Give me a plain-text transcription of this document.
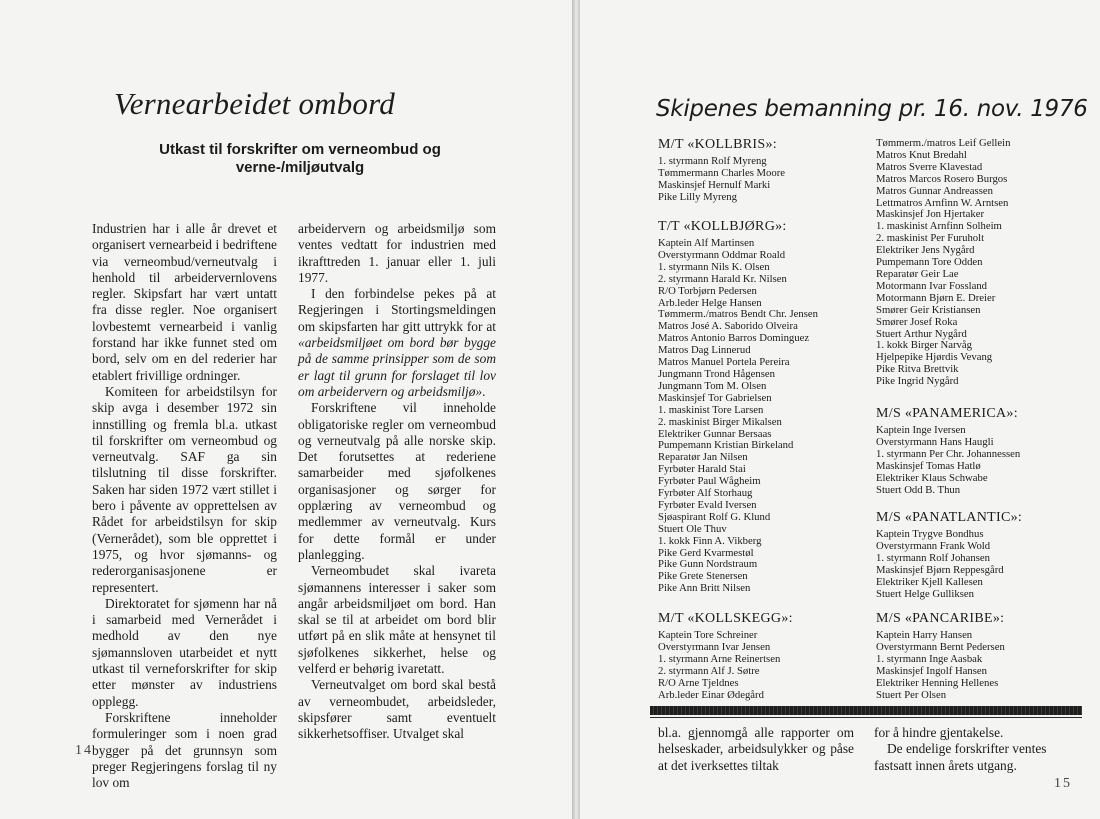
Vernearbeidet ombord
Utkast til forskrifter om verneombud og verne-/miljøutvalg

Industrien har i alle år drevet et organisert vernearbeid i bedriftene via verneombud/verneutvalg i henhold til arbeidervernlovens regler. Skipsfart har vært untatt fra disse regler. Noe organisert lovbestemt vernearbeid i vanlig forstand har ikke funnet sted om bord, selv om en del rederier har etablert frivillige ordninger.

Komiteen for arbeidstilsyn for skip avga i desember 1972 sin innstilling og fremla bl.a. utkast til forskrifter om verneombud og verneutvalg. SAF ga sin tilslutning til disse forskrifter. Saken har siden 1972 vært stillet i bero i påvente av opprettelsen av Rådet for arbeidstilsyn for skip (Vernerådet), som ble opprettet i 1975, og hvor sjømanns- og rederorganisasjonene er representert.

Direktoratet for sjømenn har nå i samarbeid med Vernerådet i medhold av den nye sjømannsloven utarbeidet et nytt utkast til verneforskrifter for skip etter mønster av industriens opplegg.

Forskriftene inneholder formuleringer som i noen grad bygger på det grunnsyn som preger Regjeringens forslag til ny lov om

arbeidervern og arbeidsmiljø som ventes vedtatt for industrien med ikrafttreden 1. januar eller 1. juli 1977.

I den forbindelse pekes på at Regjeringen i Stortingsmeldingen om skipsfarten har gitt uttrykk for at «arbeidsmiljøet om bord bør bygge på de samme prinsipper som de som er lagt til grunn for forslaget til lov om arbeidervern og arbeidsmiljø».

Forskriftene vil inneholde obligatoriske regler om verneombud og verneutvalg på alle norske skip. Det forutsettes at rederiene samarbeider med sjøfolkenes organisasjoner og sørger for opplæring av verneombud og medlemmer av verneutvalg. Kurs for dette formål er under planlegging.

Verneombudet skal ivareta sjømannens interesser i saker som angår arbeidsmiljøet om bord. Han skal se til at arbeidet om bord blir utført på en slik måte at hensynet til sjøfolkenes sikkerhet, helse og velferd er behørig ivaretatt.

Verneutvalget om bord skal bestå av verneombudet, arbeidsleder, skipsfører samt eventuelt sikkerhetsoffiser. Utvalget skal

14
Skipenes bemanning pr. 16. nov. 1976
M/T «KOLLBRIS»:
1. styrmann Rolf Myreng
Tømmermann Charles Moore
Maskinsjef Hernulf Marki
Pike Lilly Myreng
T/T «KOLLBJØRG»:
Kaptein Alf Martinsen
Overstyrmann Oddmar Roald
1. styrmann Nils K. Olsen
2. styrmann Harald Kr. Nilsen
R/O Torbjørn Pedersen
Arb.leder Helge Hansen
Tømmerm./matros Bendt Chr. Jensen
Matros José A. Saborido Olveira
Matros Antonio Barros Dominguez
Matros Dag Linnerud
Matros Manuel Portela Pereira
Jungmann Trond Hågensen
Jungmann Tom M. Olsen
Maskinsjef Tor Gabrielsen
1. maskinist Tore Larsen
2. maskinist Birger Mikalsen
Elektriker Gunnar Bersaas
Pumpemann Kristian Birkeland
Reparatør Jan Nilsen
Fyrbøter Harald Stai
Fyrbøter Paul Wågheim
Fyrbøter Alf Storhaug
Fyrbøter Evald Iversen
Sjøaspirant Rolf G. Klund
Stuert Ole Thuv
1. kokk Finn A. Vikberg
Pike Gerd Kvarmestøl
Pike Gunn Nordstraum
Pike Grete Stenersen
Pike Ann Britt Nilsen
M/T «KOLLSKEGG»:
Kaptein Tore Schreiner
Overstyrmann Ivar Jensen
1. styrmann Arne Reinertsen
2. styrmann Alf J. Søtre
R/O Arne Tjeldnes
Arb.leder Einar Ødegård
Tømmerm./matros Leif Gellein
Matros Knut Bredahl
Matros Sverre Klavestad
Matros Marcos Rosero Burgos
Matros Gunnar Andreassen
Lettmatros Arnfinn W. Arntsen
Maskinsjef Jon Hjertaker
1. maskinist Arnfinn Solheim
2. maskinist Per Furuholt
Elektriker Jens Nygård
Pumpemann Tore Odden
Reparatør Geir Lae
Motormann Ivar Fossland
Motormann Bjørn E. Dreier
Smører Geir Kristiansen
Smører Josef Roka
Stuert Arthur Nygård
1. kokk Birger Narvåg
Hjelpepike Hjørdis Vevang
Pike Ritva Brettvik
Pike Ingrid Nygård
M/S «PANAMERICA»:
Kaptein Inge Iversen
Overstyrmann Hans Haugli
1. styrmann Per Chr. Johannessen
Maskinsjef Tomas Hatlø
Elektriker Klaus Schwabe
Stuert Odd B. Thun
M/S «PANATLANTIC»:
Kaptein Trygve Bondhus
Overstyrmann Frank Wold
1. styrmann Rolf Johansen
Maskinsjef Bjørn Reppesgård
Elektriker Kjell Kallesen
Stuert Helge Gulliksen
M/S «PANCARIBE»:
Kaptein Harry Hansen
Overstyrmann Bernt Pedersen
1. styrmann Inge Aasbak
Maskinsjef Ingolf Hansen
Elektriker Henning Hellenes
Stuert Per Olsen

bl.a. gjennomgå alle rapporter om helseskader, arbeidsulykker og påse at det iverksettes tiltak

for å hindre gjentakelse.

De endelige forskrifter ventes fastsatt innen årets utgang.

15
